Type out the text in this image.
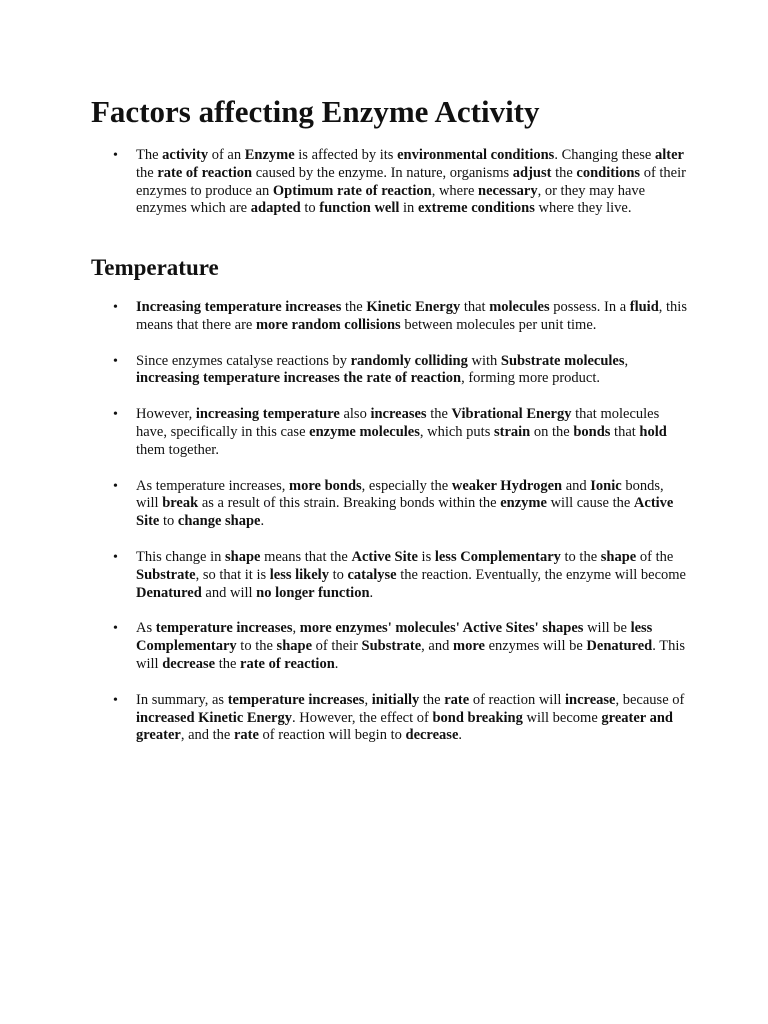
Factors affecting Enzyme Activity
• The activity of an Enzyme is affected by its environmental conditions. Changing these alter the rate of reaction caused by the enzyme. In nature, organisms adjust the conditions of their enzymes to produce an Optimum rate of reaction, where necessary, or they may have enzymes which are adapted to function well in extreme conditions where they live.
Temperature
• Increasing temperature increases the Kinetic Energy that molecules possess. In a fluid, this means that there are more random collisions between molecules per unit time.
• Since enzymes catalyse reactions by randomly colliding with Substrate molecules, increasing temperature increases the rate of reaction, forming more product.
• However, increasing temperature also increases the Vibrational Energy that molecules have, specifically in this case enzyme molecules, which puts strain on the bonds that hold them together.
• As temperature increases, more bonds, especially the weaker Hydrogen and Ionic bonds, will break as a result of this strain. Breaking bonds within the enzyme will cause the Active Site to change shape.
• This change in shape means that the Active Site is less Complementary to the shape of the Substrate, so that it is less likely to catalyse the reaction. Eventually, the enzyme will become Denatured and will no longer function.
• As temperature increases, more enzymes' molecules' Active Sites' shapes will be less Complementary to the shape of their Substrate, and more enzymes will be Denatured. This will decrease the rate of reaction.
• In summary, as temperature increases, initially the rate of reaction will increase, because of increased Kinetic Energy. However, the effect of bond breaking will become greater and greater, and the rate of reaction will begin to decrease.
